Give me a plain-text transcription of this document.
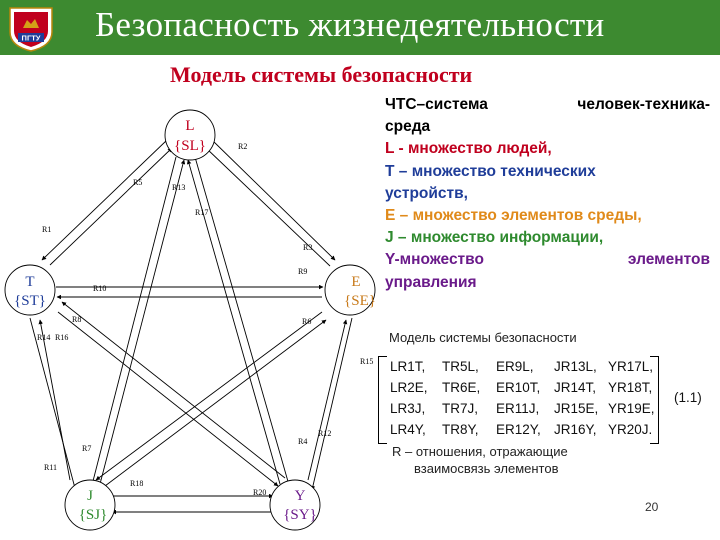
ПГТУ Безопасность жизнедеятельности
Модель системы безопасности
L
{SL}
T
{ST}
E
{SE}
J
{SJ}
Y
{SY}
R2
R5
R13
R17
R1
R3
R9
R10
R6
R8
R14 R16
R15
R12
R4
R7
R11
R18
R20
ЧТС–система	человек-техника-
среда
L - множество людей,
Т – множество технических
устройств,
Е – множество элементов среды,
J – множество информации,
Y-множество	элементов
управления
Модель системы безопасности
LR1T,
LR2E,
LR3J,
LR4Y,
TR5L,
TR6E,
TR7J,
TR8Y,
ER9L,
ER10T,
ER11J,
ER12Y,
JR13L,
JR14T,
JR15E,
JR16Y,
YR17L,
YR18T,
YR19E,
YR20J.
(1.1)
R – отношения, отражающие
взаимосвязь элементов
20
